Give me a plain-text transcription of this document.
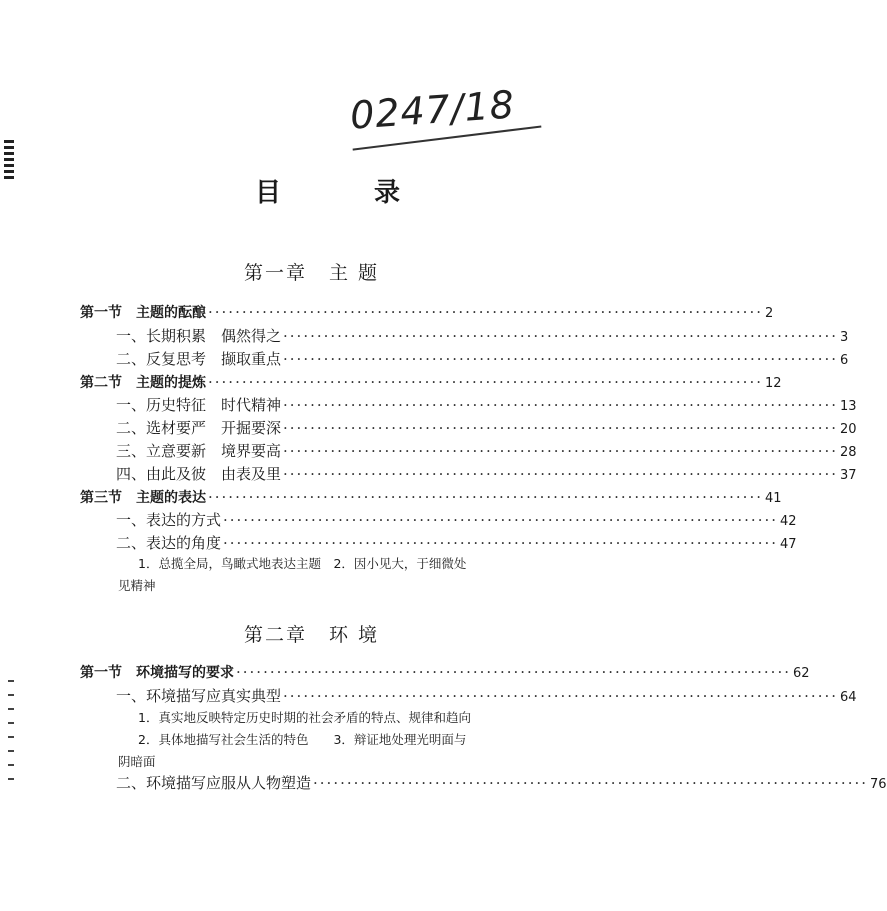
0247/18
目 录
第一章 主 题
第一节　主题的酝酿 ·················································································· 2
一、长期积累　偶然得之 ·················································································· 3
二、反复思考　撷取重点 ·················································································· 6
第二节　主题的提炼 ·················································································· 12
一、历史特征　时代精神 ·················································································· 13
二、选材要严　开掘要深 ·················································································· 20
三、立意要新　境界要高 ·················································································· 28
四、由此及彼　由表及里 ·················································································· 37
第三节　主题的表达 ·················································································· 41
一、表达的方式 ·················································································· 42
二、表达的角度 ·················································································· 47
1．总揽全局，鸟瞰式地表达主题　2．因小见大，于细微处
见精神
第二章 环 境
第一节　环境描写的要求 ·················································································· 62
一、环境描写应真实典型 ·················································································· 64
1．真实地反映特定历史时期的社会矛盾的特点、规律和趋向
2．具体地描写社会生活的特色　　3．辩证地处理光明面与
阴暗面
二、环境描写应服从人物塑造 ·················································································· 76
